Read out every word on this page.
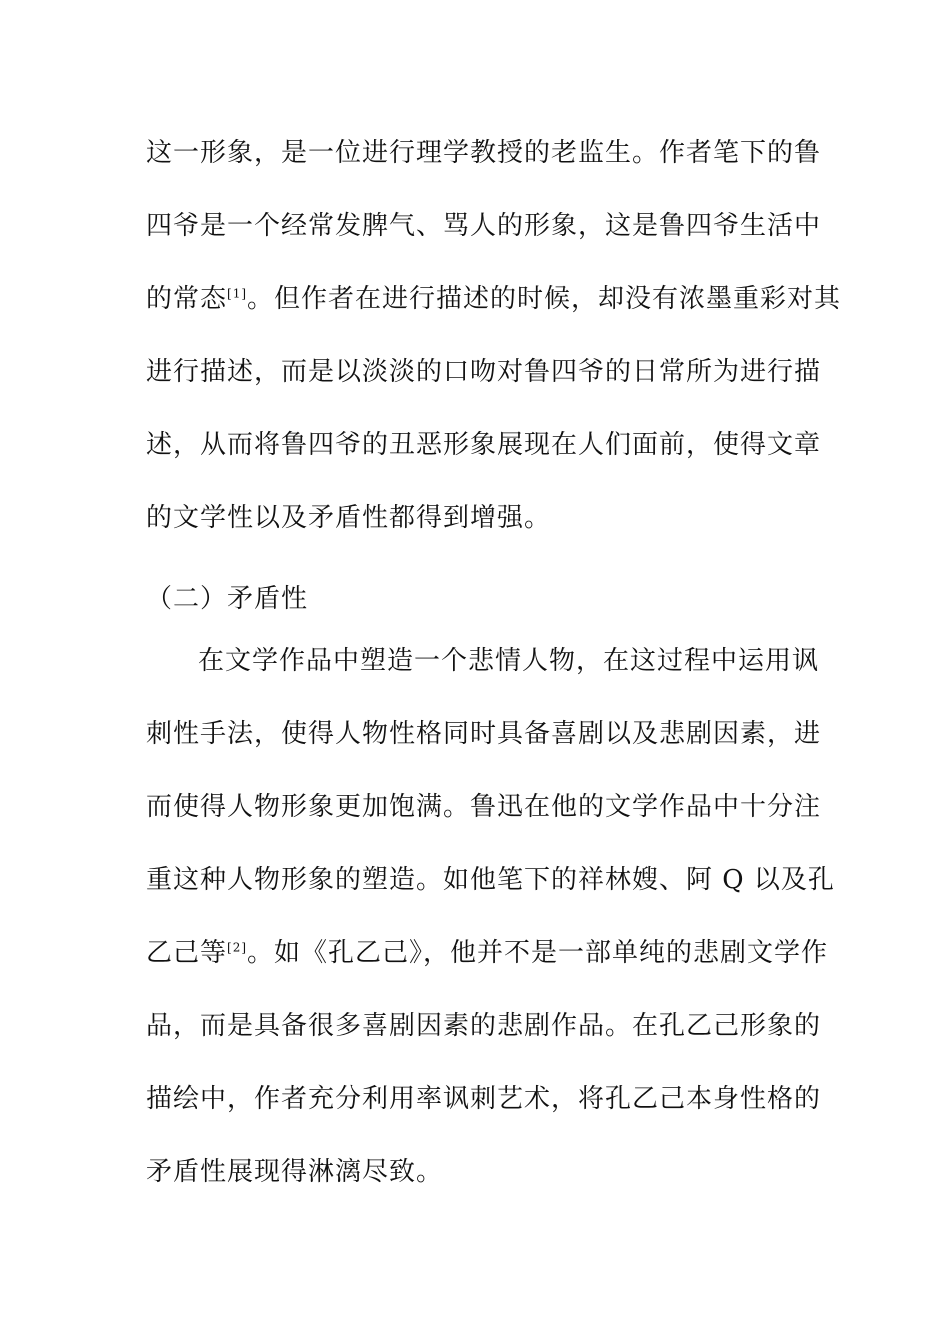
这一形象，是一位进行理学教授的老监生。作者笔下的鲁
四爷是一个经常发脾气、骂人的形象，这是鲁四爷生活中
的常态[1]。但作者在进行描述的时候，却没有浓墨重彩对其
进行描述，而是以淡淡的口吻对鲁四爷的日常所为进行描
述，从而将鲁四爷的丑恶形象展现在人们面前，使得文章
的文学性以及矛盾性都得到增强。
（二）矛盾性
在文学作品中塑造一个悲情人物，在这过程中运用讽
刺性手法，使得人物性格同时具备喜剧以及悲剧因素，进
而使得人物形象更加饱满。鲁迅在他的文学作品中十分注
重这种人物形象的塑造。如他笔下的祥林嫂、阿 Q 以及孔
乙己等[2]。如《孔乙己》，他并不是一部单纯的悲剧文学作
品，而是具备很多喜剧因素的悲剧作品。在孔乙己形象的
描绘中，作者充分利用率讽刺艺术，将孔乙己本身性格的
矛盾性展现得淋漓尽致。
